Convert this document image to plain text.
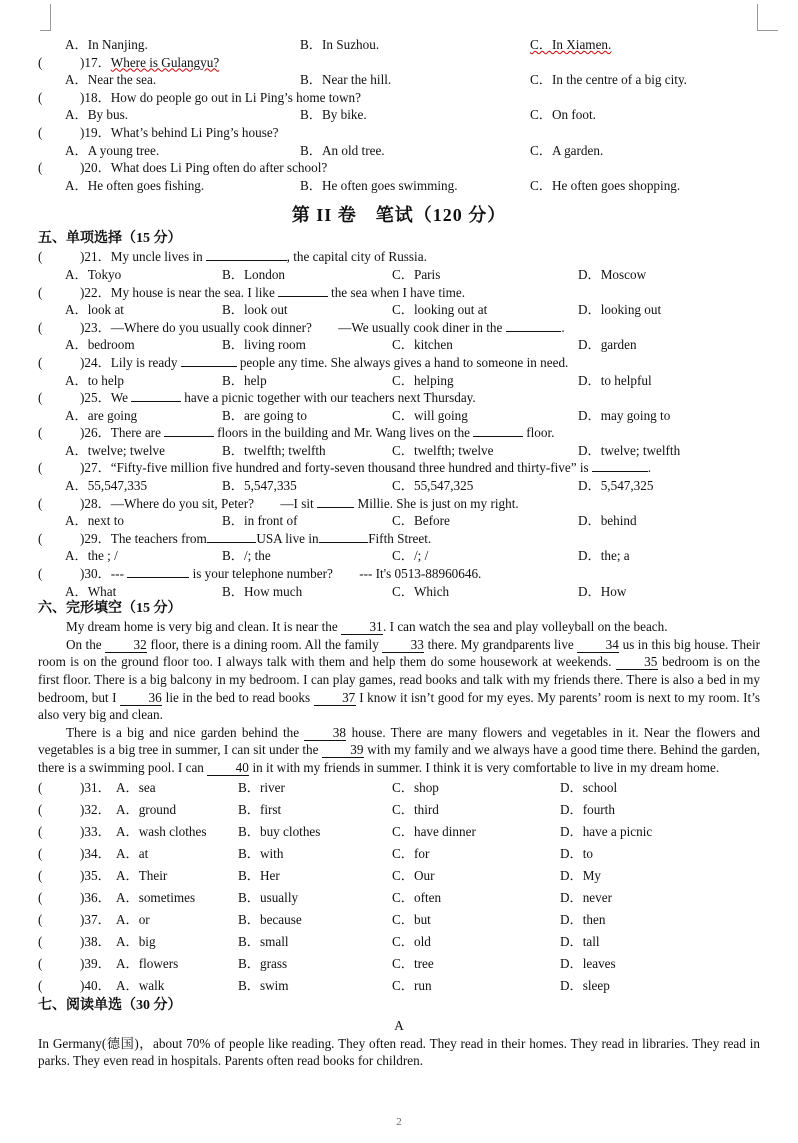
A．In Nanjing.	B．In Suzhou.	C．In Xiamen.
(	)17．Where is Gulangyu?
A．Near the sea.	B．Near the hill.	C．In the centre of a big city.
(	)18．How do people go out in Li Ping’s home town?
A．By bus.	B．By bike.	C．On foot.
(	)19．What’s behind Li Ping’s house?
A．A young tree.	B．An old tree.	C．A garden.
(	)20．What does Li Ping often do after school?
A．He often goes fishing.	B．He often goes swimming.	C．He often goes shopping.
第 II 卷　笔试（120 分）
五、单项选择（15 分）
(	)21．My uncle lives in	, the capital city of Russia.
A．Tokyo	B．London	C．Paris	D．Moscow
(	)22．My house is near the sea. I like	the sea when I have time.
A．look at	B．look out	C．looking out at	D．looking out
(	)23．—Where do you usually cook dinner?　　—We usually cook diner in the	.
A．bedroom	B．living room	C．kitchen	D．garden
(	)24．Lily is ready	people any time. She always gives a hand to someone in need.
A．to help	B．help	C．helping	D．to helpful
(	)25．We	have a picnic together with our teachers next Thursday.
A．are going	B．are going to	C．will going	D．may going to
(	)26．There are	floors in the building and Mr. Wang lives on the	floor.
A．twelve; twelve	B．twelfth; twelfth	C．twelfth; twelve	D．twelve; twelfth
(	)27．“Fifty-five million five hundred and forty-seven thousand three hundred and thirty-five” is	.
A．55,547,335	B．5,547,335	C．55,547,325	D．5,547,325
(	)28．—Where do you sit, Peter?　　—I sit	Millie. She is just on my right.
A．next to	B．in front of	C．Before	D．behind
(	)29．The teachers from	USA live in	Fifth Street.
A．the ; /	B．/; the	C．/; /	D．the; a
(	)30．---	is your telephone number?　　--- It's 0513-88960646.
A．What	B．How much	C．Which	D．How
六、完形填空（15 分）
My dream home is very big and clean. It is near the 31. I can watch the sea and play volleyball on the beach.
On the 32 floor, there is a dining room. All the family 33 there. My grandparents live 34 us in this big house. Their room is on the ground floor too. I always talk with them and help them do some housework at weekends. 35 bedroom is on the first floor. There is a big balcony in my bedroom. I can play games, read books and talk with my friends there. There is also a bed in my bedroom, but I 36 lie in the bed to read books 37 I know it isn’t good for my eyes. My parents’ room is next to my room. It’s also very big and clean.
There is a big and nice garden behind the 38 house. There are many flowers and vegetables in it. Near the flowers and vegetables is a big tree in summer, I can sit under the 39 with my family and we always have a good time there. Behind the garden, there is a swimming pool. I can 40 in it with my friends in summer. I think it is very comfortable to live in my dream home.
(	)31． A．sea	B．river	C．shop	D．school
(	)32． A．ground	B．first	C．third	D．fourth
(	)33． A．wash clothes B．buy clothes	C．have dinner	D．have a picnic
(	)34． A．at	B．with	C．for	D．to
(	)35． A．Their	B．Her	C．Our	D．My
(	)36． A．sometimes	B．usually	C．often	D．never
(	)37． A．or	B．because	C．but	D．then
(	)38． A．big	B．small	C．old	D．tall
(	)39． A．flowers	B．grass	C．tree	D．leaves
(	)40． A．walk	B．swim	C．run	D．sleep
七、阅读单选（30 分）
A
In Germany(德国)，about 70% of people like reading. They often read. They read in their homes. They read in libraries. They read in parks. They even read in hospitals. Parents often read books for children.
2
